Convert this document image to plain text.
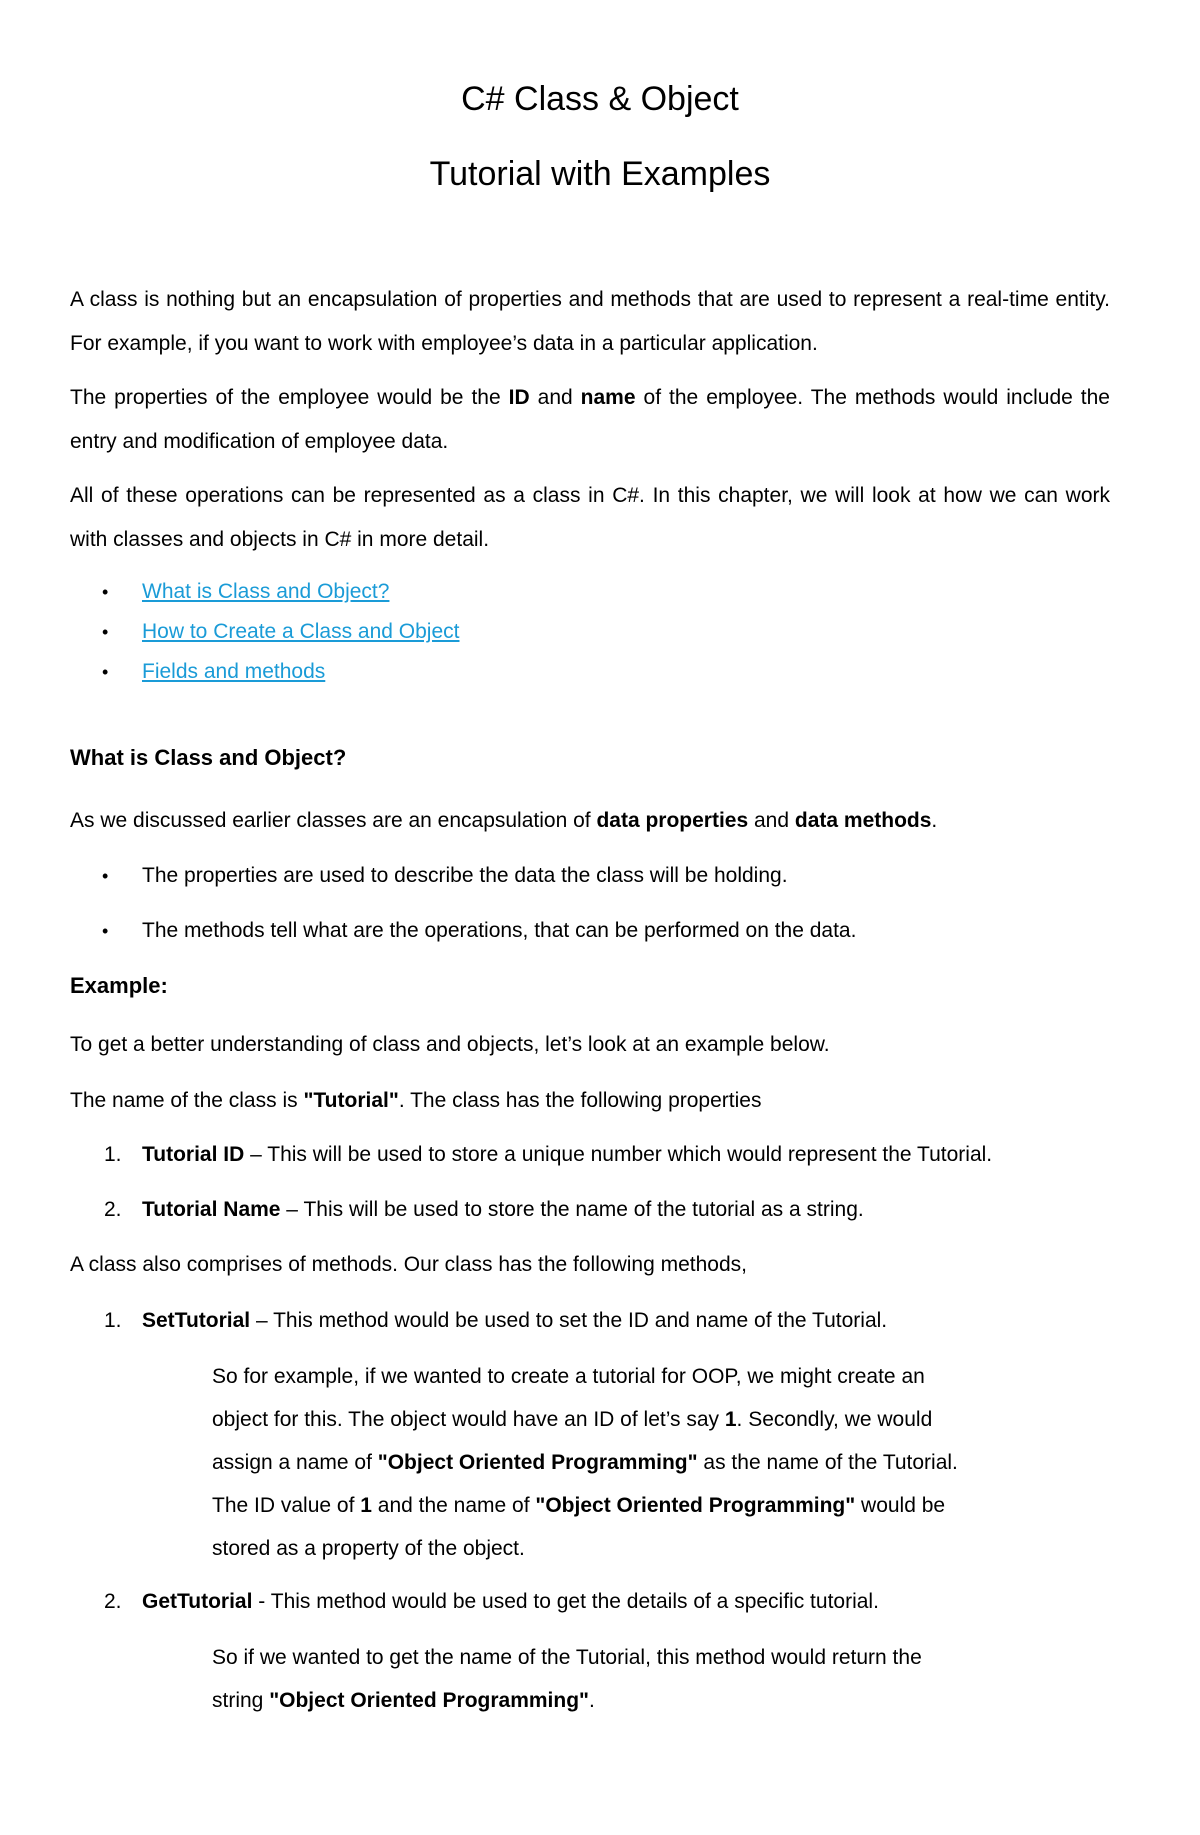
C# Class & Object
Tutorial with Examples

A class is nothing but an encapsulation of properties and methods that are used to represent a real-time entity. For example, if you want to work with employee’s data in a particular application.

The properties of the employee would be the ID and name of the employee. The methods would include the entry and modification of employee data.

All of these operations can be represented as a class in C#. In this chapter, we will look at how we can work with classes and objects in C# in more detail.

• What is Class and Object?
• How to Create a Class and Object
• Fields and methods
What is Class and Object?

As we discussed earlier classes are an encapsulation of data properties and data methods.

• The properties are used to describe the data the class will be holding.
• The methods tell what are the operations, that can be performed on the data.
Example:

To get a better understanding of class and objects, let’s look at an example below.

The name of the class is "Tutorial". The class has the following properties

1. Tutorial ID – This will be used to store a unique number which would represent the Tutorial.
2. Tutorial Name – This will be used to store the name of the tutorial as a string.

A class also comprises of methods. Our class has the following methods,

1. SetTutorial – This method would be used to set the ID and name of the Tutorial.

So for example, if we wanted to create a tutorial for OOP, we might create an object for this. The object would have an ID of let’s say 1. Secondly, we would assign a name of "Object Oriented Programming" as the name of the Tutorial. The ID value of 1 and the name of "Object Oriented Programming" would be stored as a property of the object.

2. GetTutorial - This method would be used to get the details of a specific tutorial.

So if we wanted to get the name of the Tutorial, this method would return the string "Object Oriented Programming".
